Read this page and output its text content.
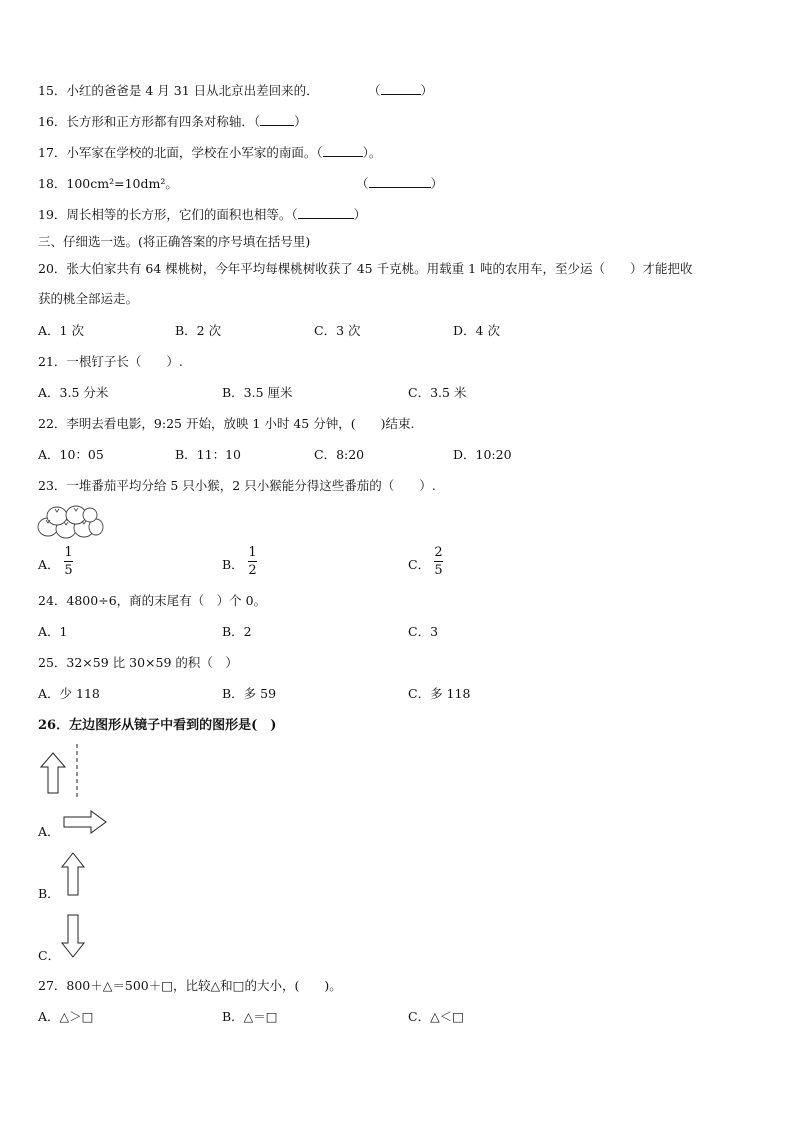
15．小红的爸爸是 4 月 31 日从北京出差回来的．	（	）
16．长方形和正方形都有四条对称轴．（	）
17．小军家在学校的北面，学校在小军家的南面。（	）。
18．100cm²=10dm²。	（	）
19．周长相等的长方形，它们的面积也相等。（	）
三、仔细选一选。(将正确答案的序号填在括号里)
20．张大伯家共有 64 棵桃树，今年平均每棵桃树收获了 45 千克桃。用载重 1 吨的农用车，至少运（　　）才能把收
获的桃全部运走。
A．1 次	B．2 次	C．3 次	D．4 次
21．一根钉子长（　　）.
A．3.5 分米	B．3.5 厘米	C．3.5 米
22．李明去看电影，9:25 开始，放映 1 小时 45 分钟，(　　)结束.
A．10：05	B．11：10	C．8:20	D．10:20
23．一堆番茄平均分给 5 只小猴，2 只小猴能分得这些番茄的（　　）.
A．
1
5	B．
1
2	C．
2
5
24．4800÷6，商的末尾有（　）个 0。
A．1	B．2	C．3
25．32×59 比 30×59 的积（　）
A．少 118	B．多 59	C．多 118
26．左边图形从镜子中看到的图形是(　)
A．
B．
C．
27．800＋△＝500＋□，比较△和□的大小，(　　)。
A．△＞□	B．△＝□	C．△＜□
